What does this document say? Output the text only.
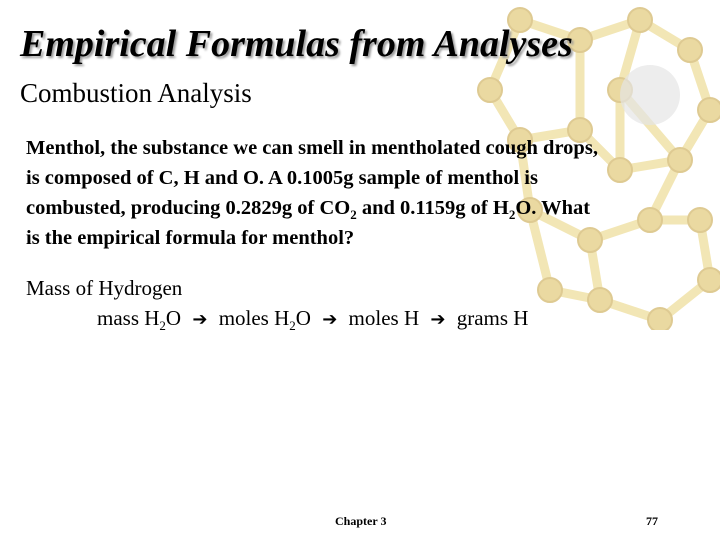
Empirical Formulas from Analyses
Combustion Analysis
Menthol, the substance we can smell in mentholated cough drops,
is composed of C, H and O. A 0.1005g sample of menthol is
combusted, producing 0.2829g of $CO_2$ and 0.1159g of $H_2O$. What
is the empirical formula for menthol?
Mass of Hydrogen
mass $H_2O$ ➔ moles $H_2O$ ➔ moles H ➔ grams H
Chapter 3	77
